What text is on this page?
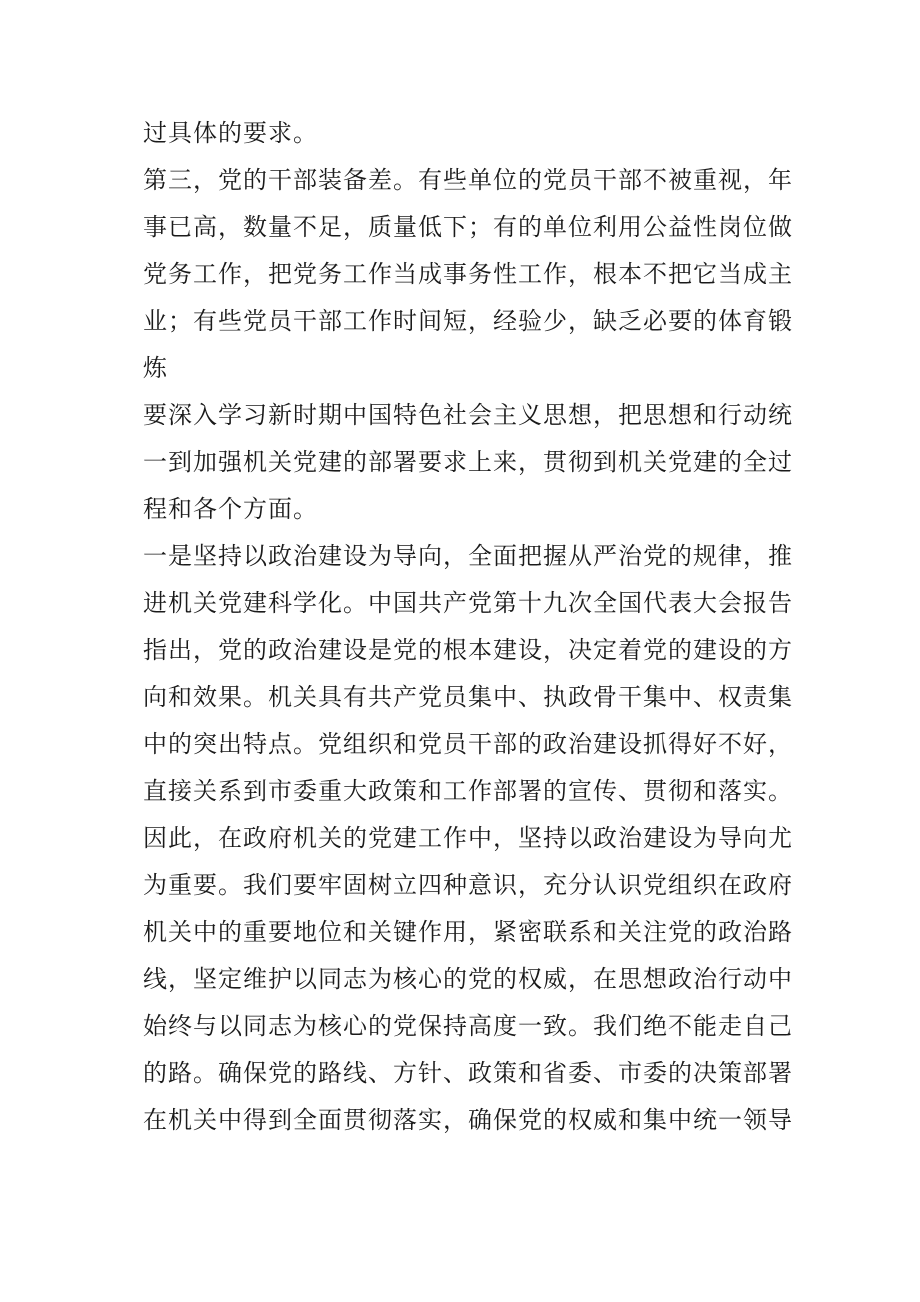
过具体的要求。
第三，党的干部装备差。有些单位的党员干部不被重视，年
事已高，数量不足，质量低下；有的单位利用公益性岗位做
党务工作，把党务工作当成事务性工作，根本不把它当成主
业；有些党员干部工作时间短，经验少，缺乏必要的体育锻
炼
要深入学习新时期中国特色社会主义思想，把思想和行动统
一到加强机关党建的部署要求上来，贯彻到机关党建的全过
程和各个方面。
一是坚持以政治建设为导向，全面把握从严治党的规律，推
进机关党建科学化。中国共产党第十九次全国代表大会报告
指出，党的政治建设是党的根本建设，决定着党的建设的方
向和效果。机关具有共产党员集中、执政骨干集中、权责集
中的突出特点。党组织和党员干部的政治建设抓得好不好，
直接关系到市委重大政策和工作部署的宣传、贯彻和落实。
因此，在政府机关的党建工作中，坚持以政治建设为导向尤
为重要。我们要牢固树立四种意识，充分认识党组织在政府
机关中的重要地位和关键作用，紧密联系和关注党的政治路
线，坚定维护以同志为核心的党的权威，在思想政治行动中
始终与以同志为核心的党保持高度一致。我们绝不能走自己
的路。确保党的路线、方针、政策和省委、市委的决策部署
在机关中得到全面贯彻落实，确保党的权威和集中统一领导
